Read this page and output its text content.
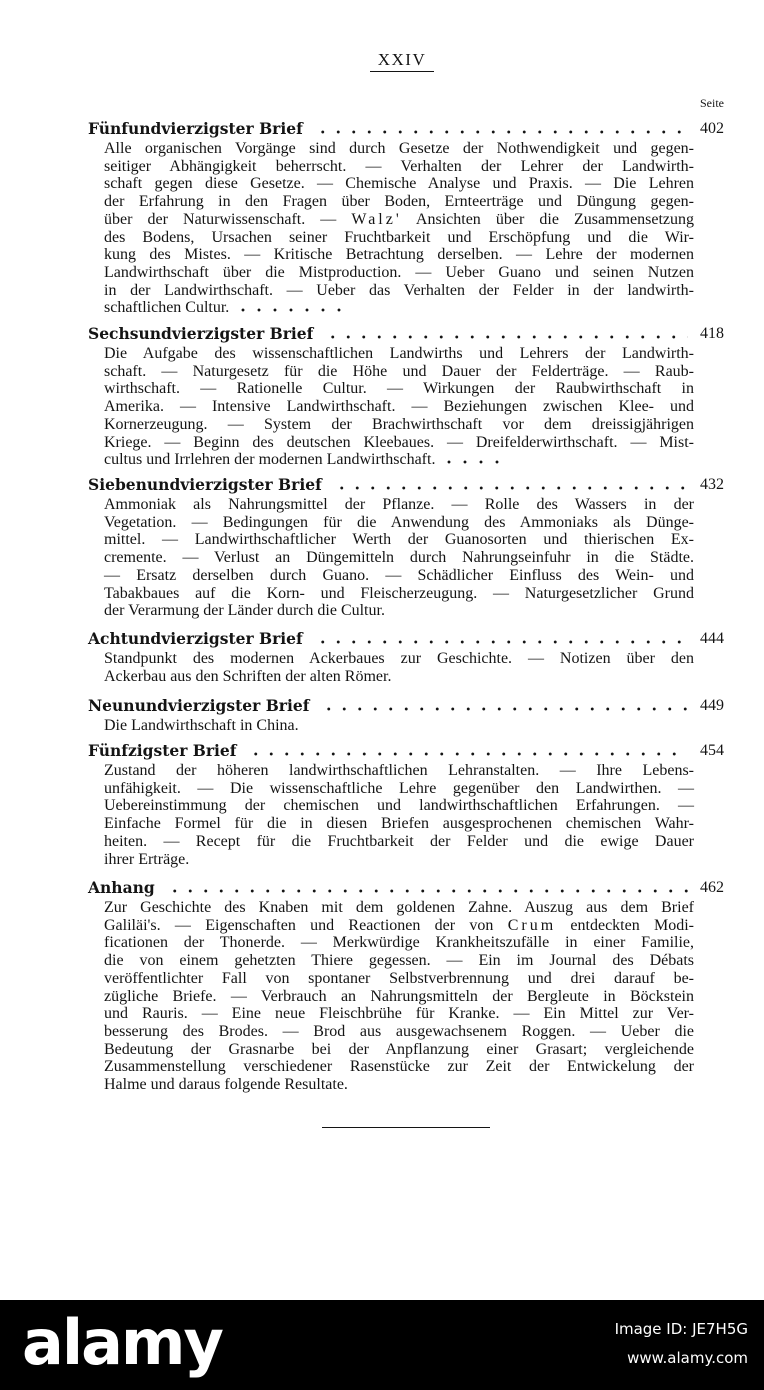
XXIV
Seite
Fünfundvierzigster Brief	402
Alle organischen Vorgänge sind durch Gesetze der Nothwendigkeit und gegen-
seitiger Abhängigkeit beherrscht. — Verhalten der Lehrer der Landwirth-
schaft gegen diese Gesetze. — Chemische Analyse und Praxis. — Die Lehren
der Erfahrung in den Fragen über Boden, Ernteerträge und Düngung gegen-
über der Naturwissenschaft. — Walz' Ansichten über die Zusammensetzung
des Bodens, Ursachen seiner Fruchtbarkeit und Erschöpfung und die Wir-
kung des Mistes. — Kritische Betrachtung derselben. — Lehre der modernen
Landwirthschaft über die Mistproduction. — Ueber Guano und seinen Nutzen
in der Landwirthschaft. — Ueber das Verhalten der Felder in der landwirth-
schaftlichen Cultur.
Sechsundvierzigster Brief	418
Die Aufgabe des wissenschaftlichen Landwirths und Lehrers der Landwirth-
schaft. — Naturgesetz für die Höhe und Dauer der Felderträge. — Raub-
wirthschaft. — Rationelle Cultur. — Wirkungen der Raubwirthschaft in
Amerika. — Intensive Landwirthschaft. — Beziehungen zwischen Klee- und
Kornerzeugung. — System der Brachwirthschaft vor dem dreissigjährigen
Kriege. — Beginn des deutschen Kleebaues. — Dreifelderwirthschaft. — Mist-
cultus und Irrlehren der modernen Landwirthschaft.
Siebenundvierzigster Brief	432
Ammoniak als Nahrungsmittel der Pflanze. — Rolle des Wassers in der
Vegetation. — Bedingungen für die Anwendung des Ammoniaks als Dünge-
mittel. — Landwirthschaftlicher Werth der Guanosorten und thierischen Ex-
cremente. — Verlust an Düngemitteln durch Nahrungseinfuhr in die Städte.
— Ersatz derselben durch Guano. — Schädlicher Einfluss des Wein- und
Tabakbaues auf die Korn- und Fleischerzeugung. — Naturgesetzlicher Grund
der Verarmung der Länder durch die Cultur.
Achtundvierzigster Brief	444
Standpunkt des modernen Ackerbaues zur Geschichte. — Notizen über den
Ackerbau aus den Schriften der alten Römer.
Neunundvierzigster Brief	449
Die Landwirthschaft in China.
Fünfzigster Brief	454
Zustand der höheren landwirthschaftlichen Lehranstalten. — Ihre Lebens-
unfähigkeit. — Die wissenschaftliche Lehre gegenüber den Landwirthen. —
Uebereinstimmung der chemischen und landwirthschaftlichen Erfahrungen. —
Einfache Formel für die in diesen Briefen ausgesprochenen chemischen Wahr-
heiten. — Recept für die Fruchtbarkeit der Felder und die ewige Dauer
ihrer Erträge.
Anhang	462
Zur Geschichte des Knaben mit dem goldenen Zahne. Auszug aus dem Brief
Galiläi's. — Eigenschaften und Reactionen der von Crum entdeckten Modi-
ficationen der Thonerde. — Merkwürdige Krankheitszufälle in einer Familie,
die von einem gehetzten Thiere gegessen. — Ein im Journal des Débats
veröffentlichter Fall von spontaner Selbstverbrennung und drei darauf be-
zügliche Briefe. — Verbrauch an Nahrungsmitteln der Bergleute in Böckstein
und Rauris. — Eine neue Fleischbrühe für Kranke. — Ein Mittel zur Ver-
besserung des Brodes. — Brod aus ausgewachsenem Roggen. — Ueber die
Bedeutung der Grasnarbe bei der Anpflanzung einer Grasart; vergleichende
Zusammenstellung verschiedener Rasenstücke zur Zeit der Entwickelung der
Halme und daraus folgende Resultate.
alamy	Image ID: JE7H5G
www.alamy.com
